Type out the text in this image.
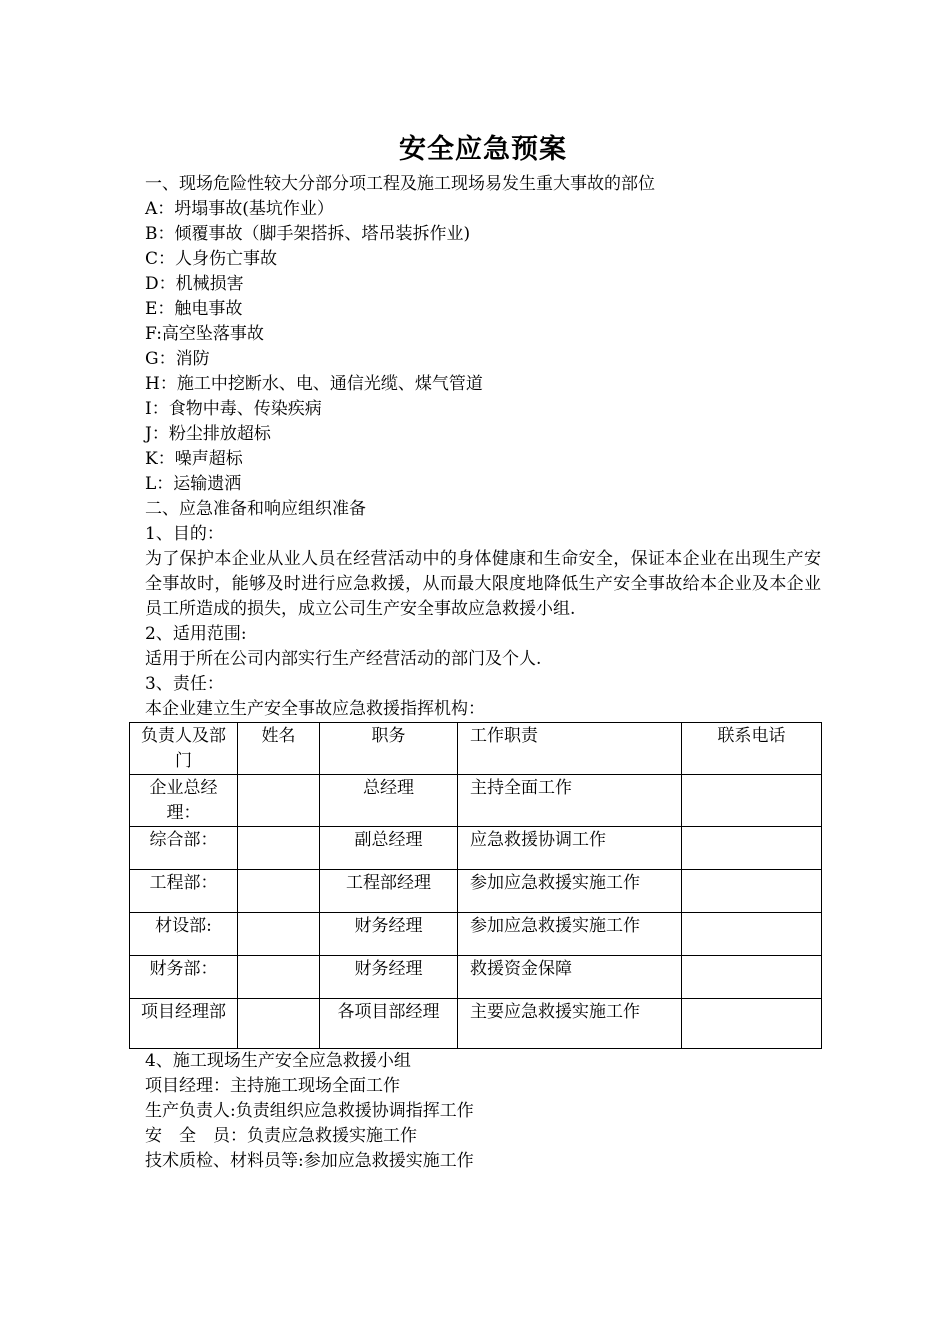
安全应急预案

一、现场危险性较大分部分项工程及施工现场易发生重大事故的部位

A：坍塌事故(基坑作业）

B：倾覆事故（脚手架搭拆、塔吊装拆作业)

C：人身伤亡事故

D：机械损害

E：触电事故

F:高空坠落事故

G：消防

H：施工中挖断水、电、通信光缆、煤气管道

I：食物中毒、传染疾病

J：粉尘排放超标

K：噪声超标

L：运输遗洒

二、应急准备和响应组织准备

1、目的：

为了保护本企业从业人员在经营活动中的身体健康和生命安全，保证本企业在出现生产安全事故时，能够及时进行应急救援，从而最大限度地降低生产安全事故给本企业及本企业员工所造成的损失，成立公司生产安全事故应急救援小组.

2、适用范围:

适用于所在公司内部实行生产经营活动的部门及个人.

3、责任：

本企业建立生产安全事故应急救援指挥机构：

负责人及部门	姓名	职务	工作职责	联系电话
企业总经理：		总经理	主持全面工作	
综合部：		副总经理	应急救援协调工作	
工程部：		工程部经理	参加应急救援实施工作	
材设部:		财务经理	参加应急救援实施工作	
财务部：		财务经理	救援资金保障	
项目经理部		各项目部经理	主要应急救援实施工作	

4、施工现场生产安全应急救援小组

项目经理：主持施工现场全面工作

生产负责人:负责组织应急救援协调指挥工作

安　全　员：负责应急救援实施工作

技术质检、材料员等:参加应急救援实施工作
